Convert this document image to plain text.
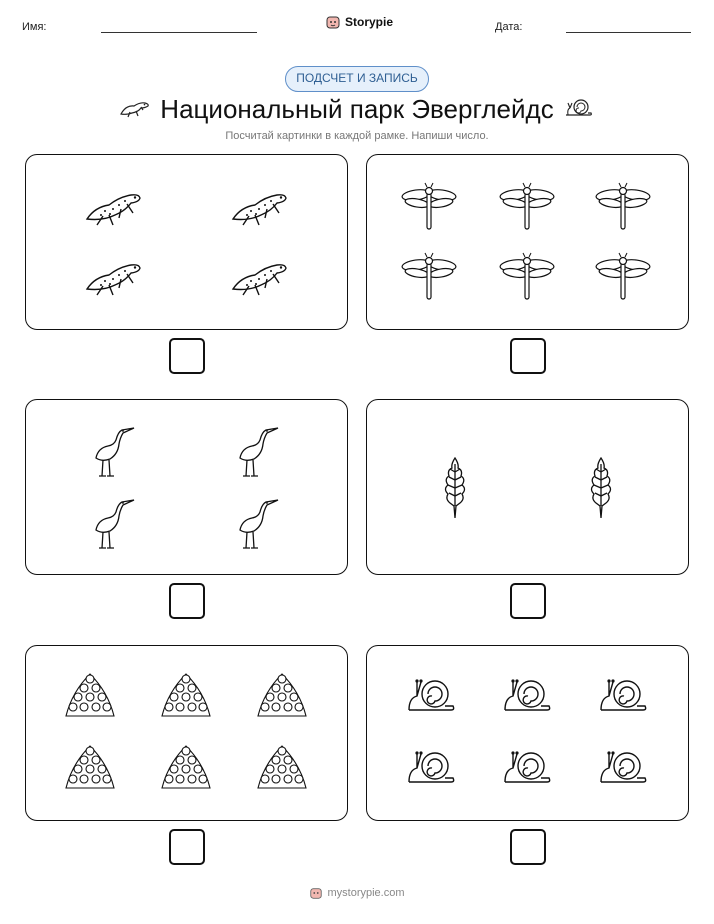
Имя:	Storypie	Дата:
ПОДСЧЕТ И ЗАПИСЬ
Национальный парк Эверглейдс
Посчитай картинки в каждой рамке. Напиши число.
mystorypie.com
